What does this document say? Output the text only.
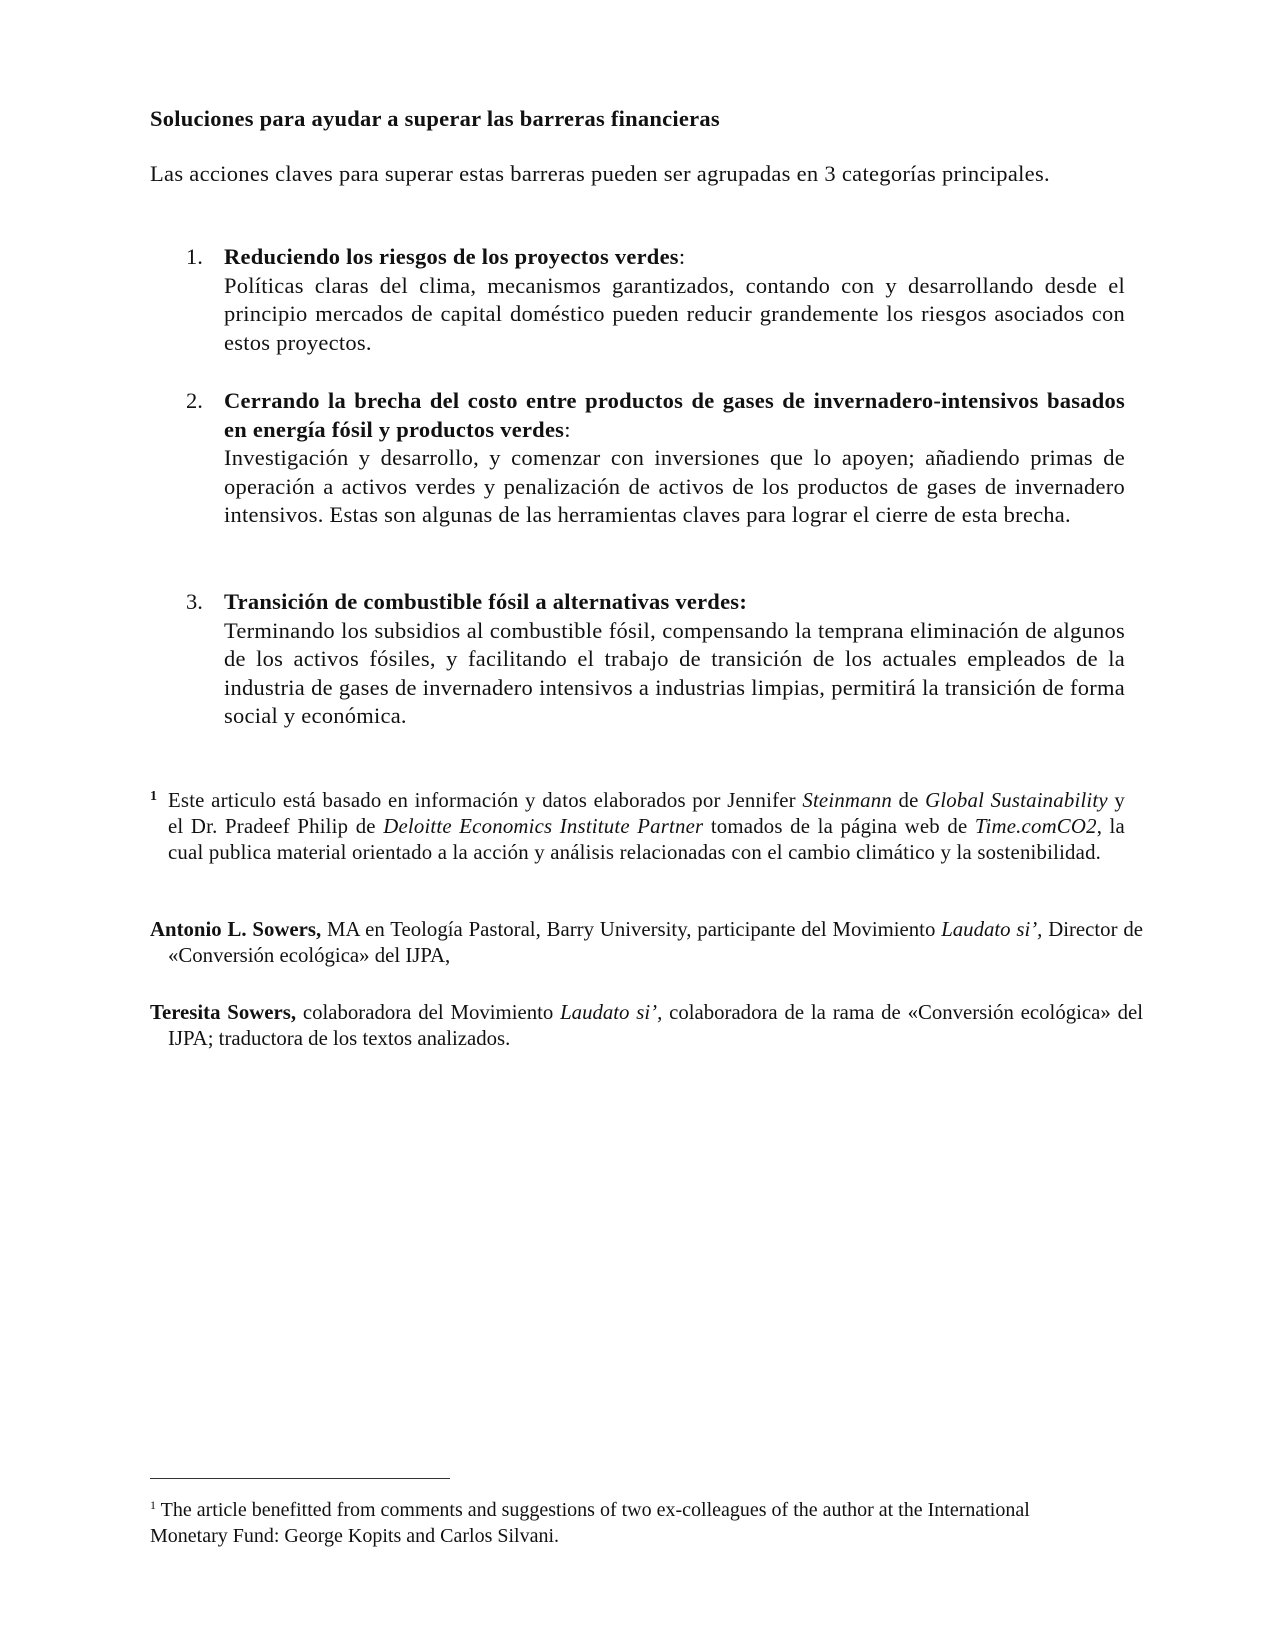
Soluciones para ayudar a superar las barreras financieras
Las acciones claves para superar estas barreras pueden ser agrupadas en 3 categorías principales.
1. Reduciendo los riesgos de los proyectos verdes:
Políticas claras del clima, mecanismos garantizados, contando con y desarrollando desde el principio mercados de capital doméstico pueden reducir grandemente los riesgos asociados con estos proyectos.
2. Cerrando la brecha del costo entre productos de gases de invernadero-intensivos basados en energía fósil y productos verdes:
Investigación y desarrollo, y comenzar con inversiones que lo apoyen; añadiendo primas de operación a activos verdes y penalización de activos de los productos de gases de invernadero intensivos. Estas son algunas de las herramientas claves para lograr el cierre de esta brecha.
3. Transición de combustible fósil a alternativas verdes:
Terminando los subsidios al combustible fósil, compensando la temprana eliminación de algunos de los activos fósiles, y facilitando el trabajo de transición de los actuales empleados de la industria de gases de invernadero intensivos a industrias limpias, permitirá la transición de forma social y económica.
1 Este articulo está basado en información y datos elaborados por Jennifer Steinmann de Global Sustainability y el Dr. Pradeef Philip de Deloitte Economics Institute Partner tomados de la página web de Time.comCO2, la cual publica material orientado a la acción y análisis relacionadas con el cambio climático y la sostenibilidad.
Antonio L. Sowers, MA en Teología Pastoral, Barry University, participante del Movimiento Laudato si’, Director de «Conversión ecológica» del IJPA,
Teresita Sowers, colaboradora del Movimiento Laudato si’, colaboradora de la rama de «Conversión ecológica» del IJPA; traductora de los textos analizados.
$^1$ The article benefitted from comments and suggestions of two ex-colleagues of the author at the International Monetary Fund: George Kopits and Carlos Silvani.
